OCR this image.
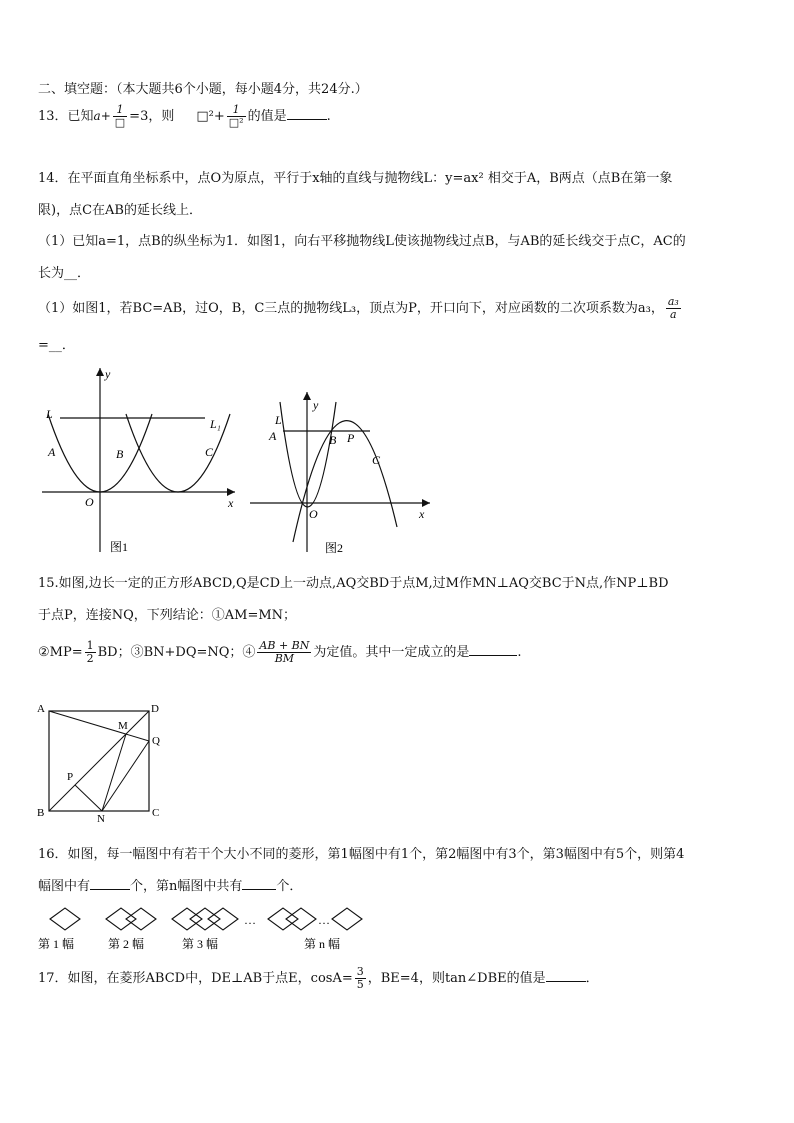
二、填空题：（本大题共6个小题，每小题4分，共24分.）
13．已知$a+ \frac{1}{□} =3$，则 □²+ $\frac{1}{\text{□²}}$ 的值是	.
14．在平面直角坐标系中，点O为原点，平行于x轴的直线与抛物线L：y=ax² 相交于A，B两点（点B在第一象
限)，点C在AB的延长线上．
（1）已知a=1，点B的纵坐标为1．如图1，向右平移抛物线L使该抛物线过点B，与AB的延长线交于点C，AC的
长为__．
（1）如图1，若BC=AB，过O，B，C三点的抛物线L₃，顶点为P，开口向下，对应函数的二次项系数为a₃， $\frac{\text{a₃}}{a}$
=__．
y
x
L
L₁
A	B	C
O
图1
y
x
L
P
A	B
C
O
图2
15.如图,边长一定的正方形ABCD,Q是CD上一动点,AQ交BD于点M,过M作MN⊥AQ交BC于N点,作NP⊥BD
于点P，连接NQ，下列结论：①AM=MN；
②MP= $\frac{1}{2}$ BD；③BN+DQ=NQ；④ $\frac{AB + BN}{BM}$ 为定值。其中一定成立的是	.
A	D
M
Q
P
B	N	C
16．如图，每一幅图中有若干个大小不同的菱形，第1幅图中有1个，第2幅图中有3个，第3幅图中有5个，则第4
幅图中有	个，第n幅图中共有	个．
…	…
第 1 幅	第 2 幅	第 3 幅	第 n 幅
17．如图，在菱形ABCD中，DE⊥AB于点E，$\cos A= \frac{3}{5}$ ，BE=4，则tan∠DBE的值是	．
